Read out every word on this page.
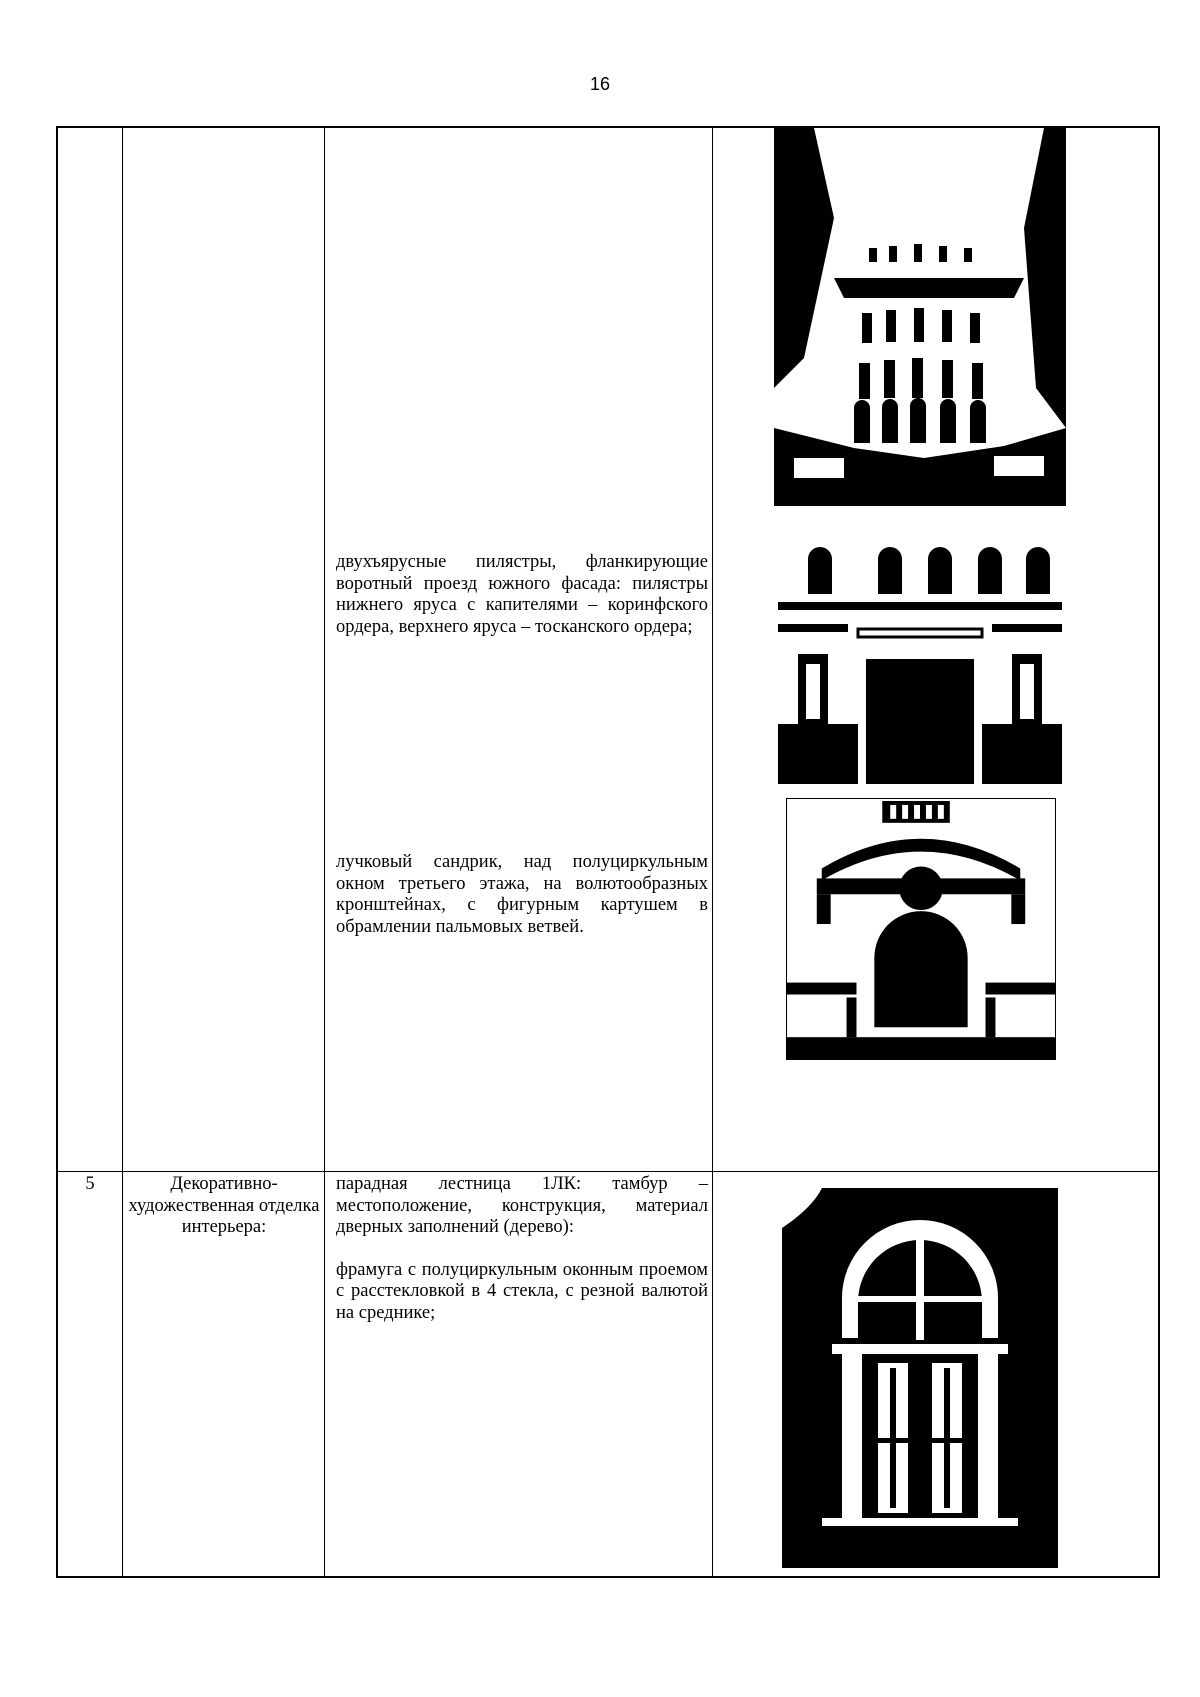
16
двухъярусные пилястры, фланкирующие воротный проезд южного фасада: пилястры нижнего яруса с капителями – коринфского ордера, верхнего яруса – тосканского ордера;
лучковый сандрик, над полуциркульным окном третьего этажа, на волютообразных кронштейнах, с фигурным картушем в обрамлении пальмовых ветвей.
5	Декоративно-художественная отделка интерьера:

парадная лестница 1ЛК: тамбур – местоположение, конструкция, материал дверных заполнений (дерево):

фрамуга с полуциркульным оконным проемом с расстекловкой в 4 стекла, с резной валютой на среднике;
